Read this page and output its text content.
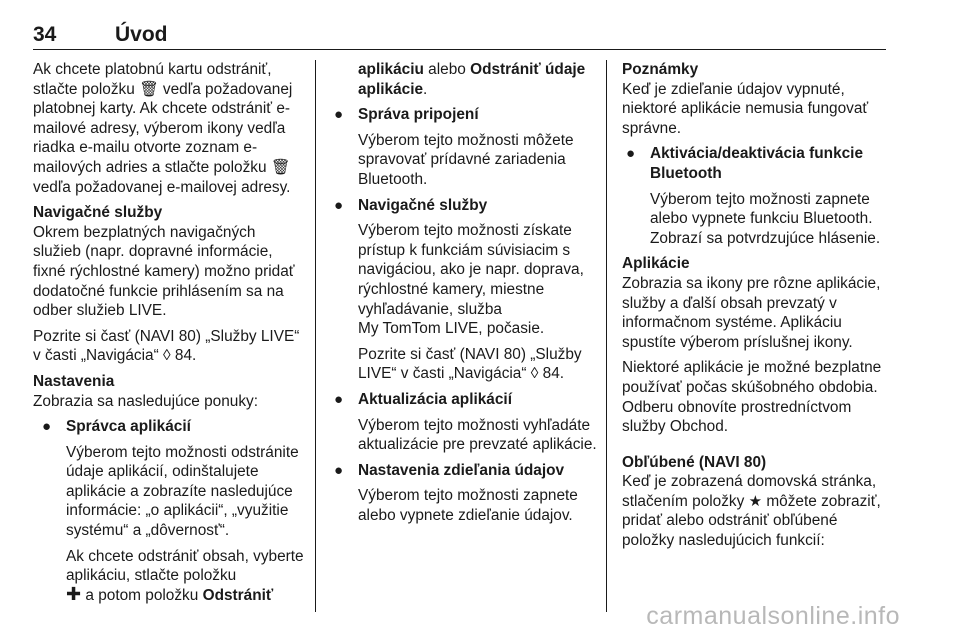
34	Úvod

Ak chcete platobnú kartu odstrániť, stlačte položku 🗑 vedľa požadovanej platobnej karty. Ak chcete odstrániť e-mailové adresy, výberom ikony vedľa riadka e-mailu otvorte zoznam e-mailových adries a stlačte položku 🗑 vedľa požadovanej e-mailovej adresy.

Navigačné služby

Okrem bezplatných navigačných služieb (napr. dopravné informácie, fixné rýchlostné kamery) možno pridať dodatočné funkcie prihlásením sa na odber služieb LIVE.

Pozrite si časť (NAVI 80) „Služby LIVE“ v časti „Navigácia“ ◊ 84.

Nastavenia

Zobrazia sa nasledujúce ponuky:

● Správca aplikácií

Výberom tejto možnosti odstránite údaje aplikácií, odinštalujete aplikácie a zobrazíte nasledujúce informácie: „o aplikácii“, „využitie systému“ a „dôvernosť“.

Ak chcete odstrániť obsah, vyberte aplikáciu, stlačte položku
✚ a potom položku Odstrániť

aplikáciu alebo Odstrániť údaje aplikácie.

● Správa pripojení

Výberom tejto možnosti môžete spravovať prídavné zariadenia Bluetooth.

● Navigačné služby

Výberom tejto možnosti získate prístup k funkciám súvisiacim s navigáciou, ako je napr. doprava, rýchlostné kamery, miestne vyhľadávanie, služba

My TomTom LIVE, počasie.

Pozrite si časť (NAVI 80) „Služby LIVE“ v časti „Navigácia“ ◊ 84.

● Aktualizácia aplikácií

Výberom tejto možnosti vyhľadáte aktualizácie pre prevzaté aplikácie.

● Nastavenia zdieľania údajov

Výberom tejto možnosti zapnete alebo vypnete zdieľanie údajov.

Poznámky

Keď je zdieľanie údajov vypnuté, niektoré aplikácie nemusia fungovať správne.

● Aktivácia/deaktivácia funkcie Bluetooth

Výberom tejto možnosti zapnete alebo vypnete funkciu Bluetooth. Zobrazí sa potvrdzujúce hlásenie.

Aplikácie

Zobrazia sa ikony pre rôzne aplikácie, služby a ďalší obsah prevzatý v informačnom systéme. Aplikáciu spustíte výberom príslušnej ikony.

Niektoré aplikácie je možné bezplatne používať počas skúšobného obdobia. Odberu obnovíte prostredníctvom služby Obchod.

Obľúbené (NAVI 80)

Keď je zobrazená domovská stránka, stlačením položky ★ môžete zobraziť, pridať alebo odstrániť obľúbené položky nasledujúcich funkcií:

carmanualsonline.info
